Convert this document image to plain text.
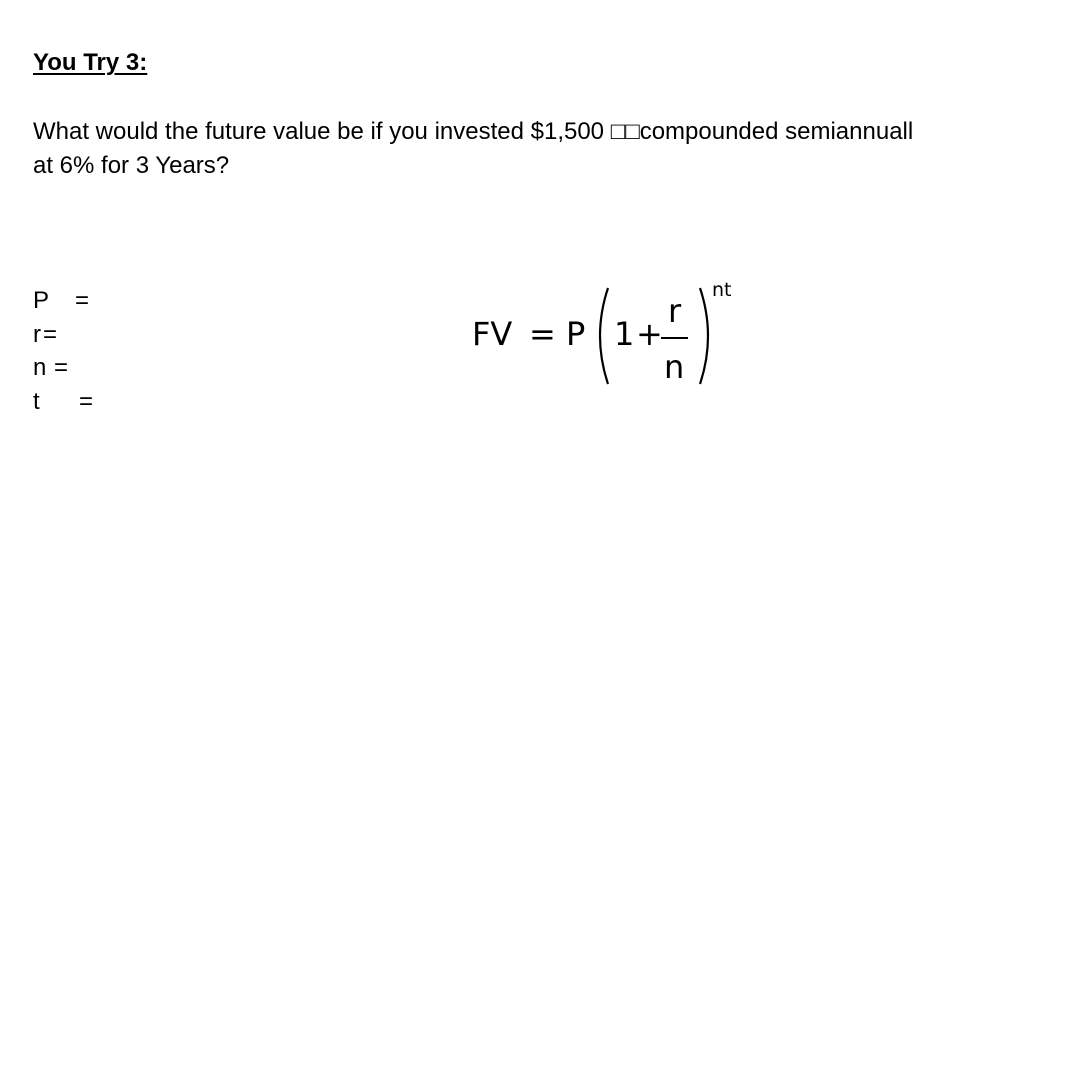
You Try 3:
What would the future value be if you invested $1,500 □□compounded semiannuall
at 6% for 3 Years?
P =
r=
n =
t =
FV = P 1 +
r
n
nt
